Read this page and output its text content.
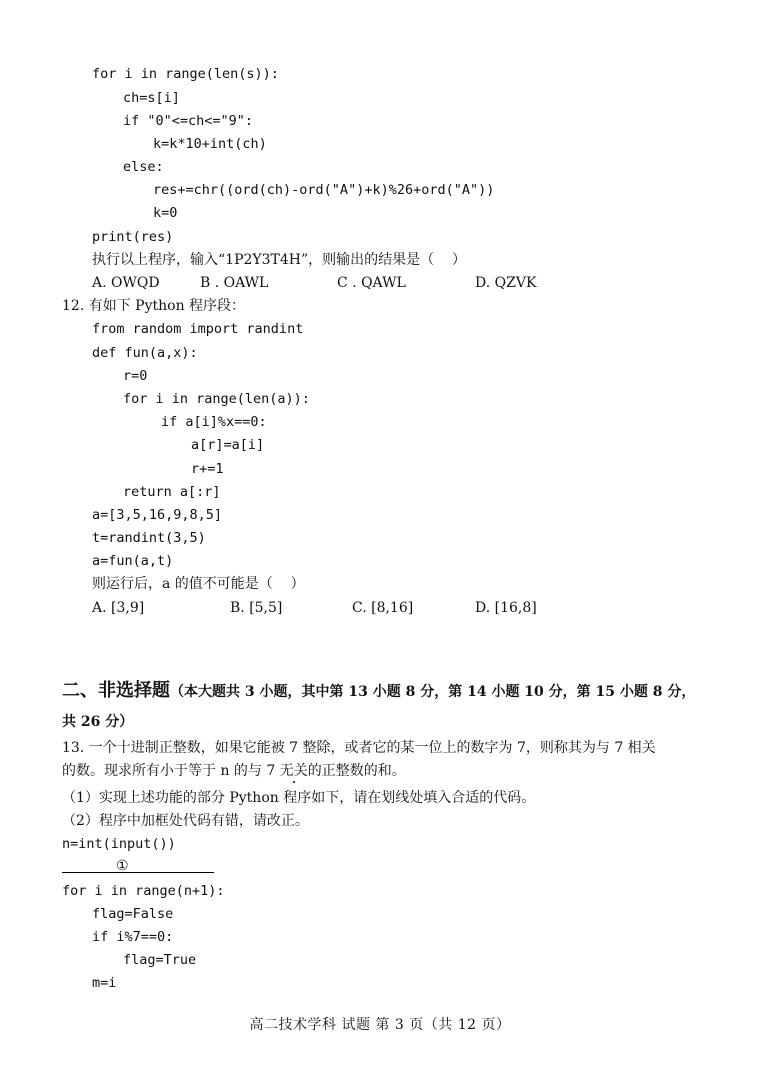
for i in range(len(s)):
ch=s[i]
if "0"<=ch<="9":
k=k*10+int(ch)
else:
res+=chr((ord(ch)-ord("A")+k)%26+ord("A"))
k=0
print(res)
执行以上程序，输入“1P2Y3T4H”，则输出的结果是（    ）

A. OWQD

	B . OAWL

	C . QAWL

	D. QZVK

12. 有如下 Python 程序段：
from random import randint
def fun(a,x):
r=0
for i in range(len(a)):
if a[i]%x==0:
a[r]=a[i]
r+=1
return a[:r]
a=[3,5,16,9,8,5]
t=randint(3,5)
a=fun(a,t)
则运行后，a 的值不可能是（    ）

A. [3,9]

	B. [5,5]

	C. [8,16]

	D. [16,8]

二、非选择题（本大题共 3 小题，其中第 13 小题 8 分，第 14 小题 10 分，第 15 小题 8 分，
共 26 分）
13. 一个十进制正整数，如果它能被 7 整除，或者它的某一位上的数字为 7，则称其为与 7 相关
的数。现求所有小于等于 n 的与 7 无关的正整数的和。
（1）实现上述功能的部分 Python 程序如下，请在划线处填入合适的代码。
（2）程序中加框处代码有错，请改正。
n=int(input())
①
for i in range(n+1):
flag=False
if i%7==0:
flag=True
m=i
高二技术学科 试题 第 3 页（共 12 页）
